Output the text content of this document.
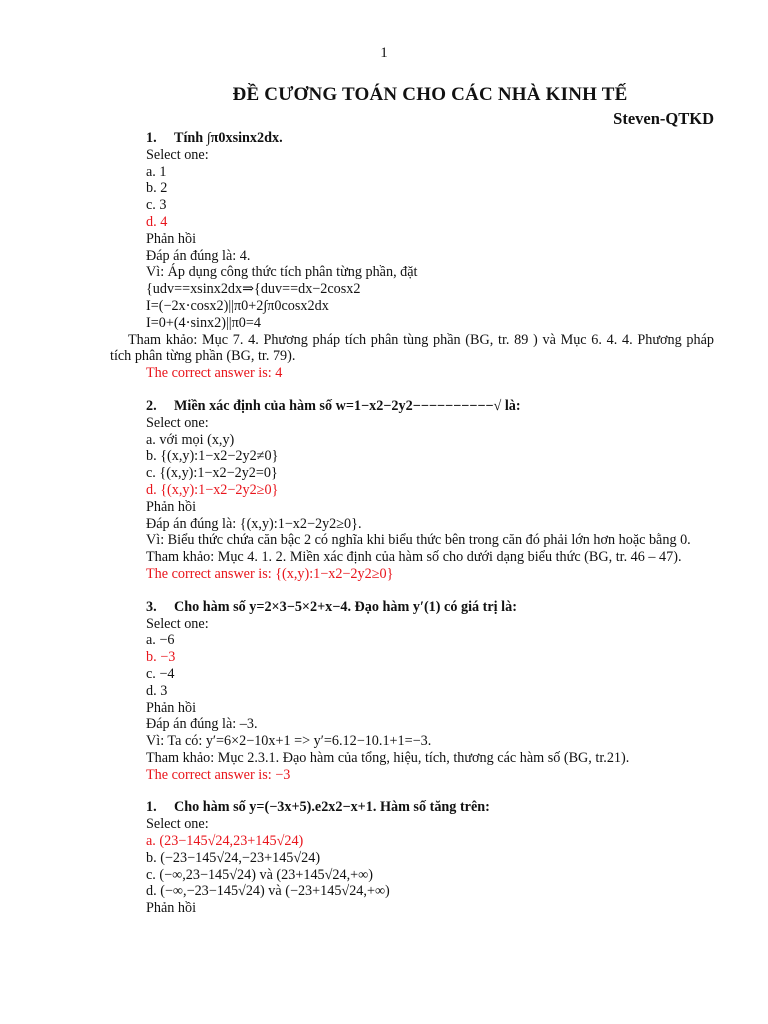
1
ĐỀ CƯƠNG TOÁN CHO CÁC NHÀ KINH TẾ
Steven-QTKD
1. Tính ∫π0xsinx2dx.
Select one:
a. 1
b. 2
c. 3
d. 4
Phản hồi
Đáp án đúng là: 4.
Vì: Áp dụng công thức tích phân từng phần, đặt
{udv==xsinx2dx⇒{duv==dx−2cosx2
I=(−2x⋅cosx2)||π0+2∫π0cosx2dx
I=0+(4⋅sinx2)||π0=4
Tham khảo: Mục 7. 4. Phương pháp tích phân tùng phần (BG, tr. 89 ) và Mục 6. 4. 4. Phương pháp tích phân từng phần (BG, tr. 79).
The correct answer is: 4
2. Miền xác định của hàm số w=1−x2−2y2−−−−−−−−−−√ là:
Select one:
a. với mọi (x,y)
b. {(x,y):1−x2−2y2≠0}
c. {(x,y):1−x2−2y2=0}
d. {(x,y):1−x2−2y2≥0}
Phản hồi
Đáp án đúng là: {(x,y):1−x2−2y2≥0}.
Vì: Biểu thức chứa căn bậc 2 có nghĩa khi biểu thức bên trong căn đó phải lớn hơn hoặc bằng 0.
Tham khảo: Mục 4. 1. 2. Miền xác định của hàm số cho dưới dạng biểu thức (BG, tr. 46 – 47).
The correct answer is: {(x,y):1−x2−2y2≥0}
3. Cho hàm số y=2×3−5×2+x−4. Đạo hàm y′(1) có giá trị là:
Select one:
a. −6
b. −3
c. −4
d. 3
Phản hồi
Đáp án đúng là: –3.
Vì: Ta có: y′=6×2−10x+1 => y′=6.12−10.1+1=−3.
Tham khảo: Mục 2.3.1. Đạo hàm của tổng, hiệu, tích, thương các hàm số (BG, tr.21).
The correct answer is: −3
1. Cho hàm số y=(−3x+5).e2x2−x+1. Hàm số tăng trên:
Select one:
a. (23−145√24,23+145√24)
b. (−23−145√24,−23+145√24)
c. (−∞,23−145√24) và (23+145√24,+∞)
d. (−∞,−23−145√24) và (−23+145√24,+∞)
Phản hồi
